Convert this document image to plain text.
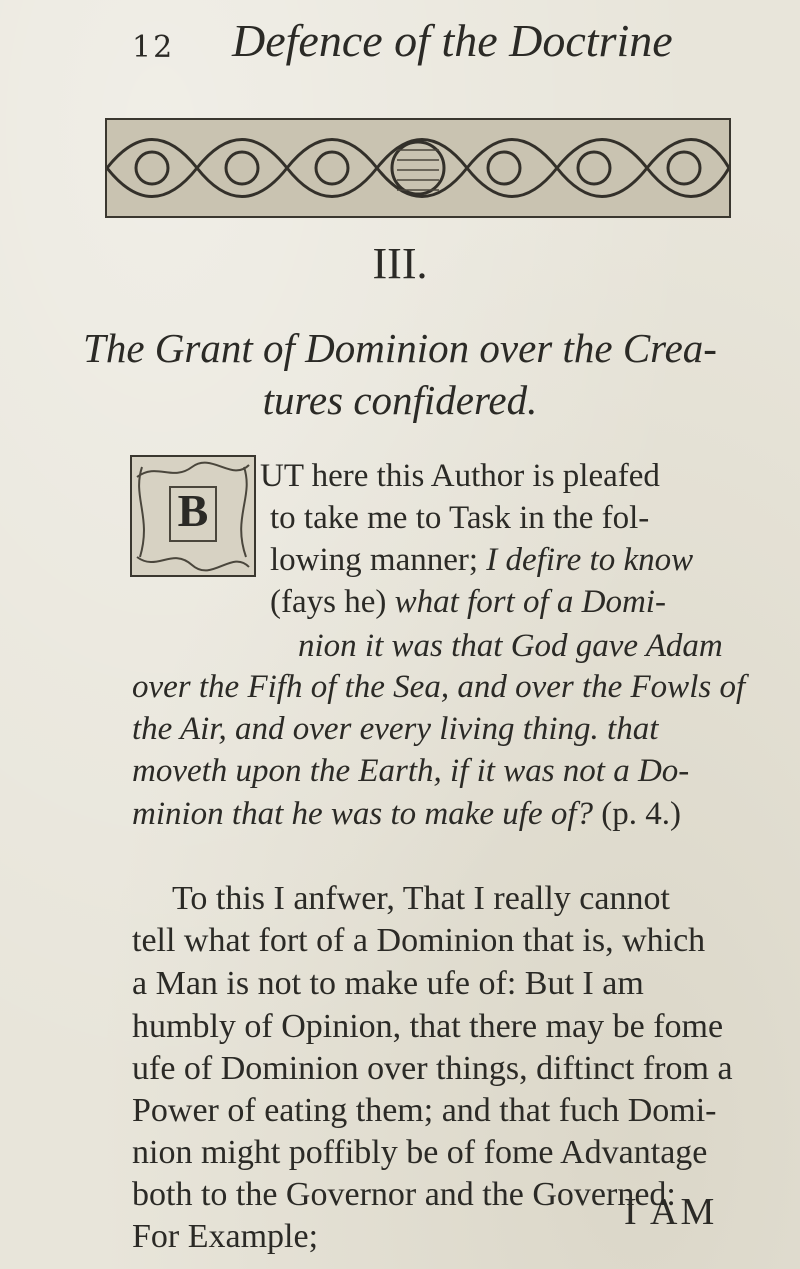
12 Defence of the Doctrine
III.
The Grant of Dominion over the Crea-
tures confidered.
B
UT here this Author is pleafed
to take me to Task in the fol-
lowing manner; I defire to know
(fays he) what fort of a Domi-
nion it was that God gave Adam
over the Fifh of the Sea, and over the Fowls of
the Air, and over every living thing. that
moveth upon the Earth, if it was not a Do-
minion that he was to make ufe of? (p. 4.)
To this I anfwer, That I really cannot
tell what fort of a Dominion that is, which
a Man is not to make ufe of: But I am
humbly of Opinion, that there may be fome
ufe of Dominion over things, diftinct from a
Power of eating them; and that fuch Domi-
nion might poffibly be of fome Advantage
both to the Governor and the Governed:
For Example;
I AM
